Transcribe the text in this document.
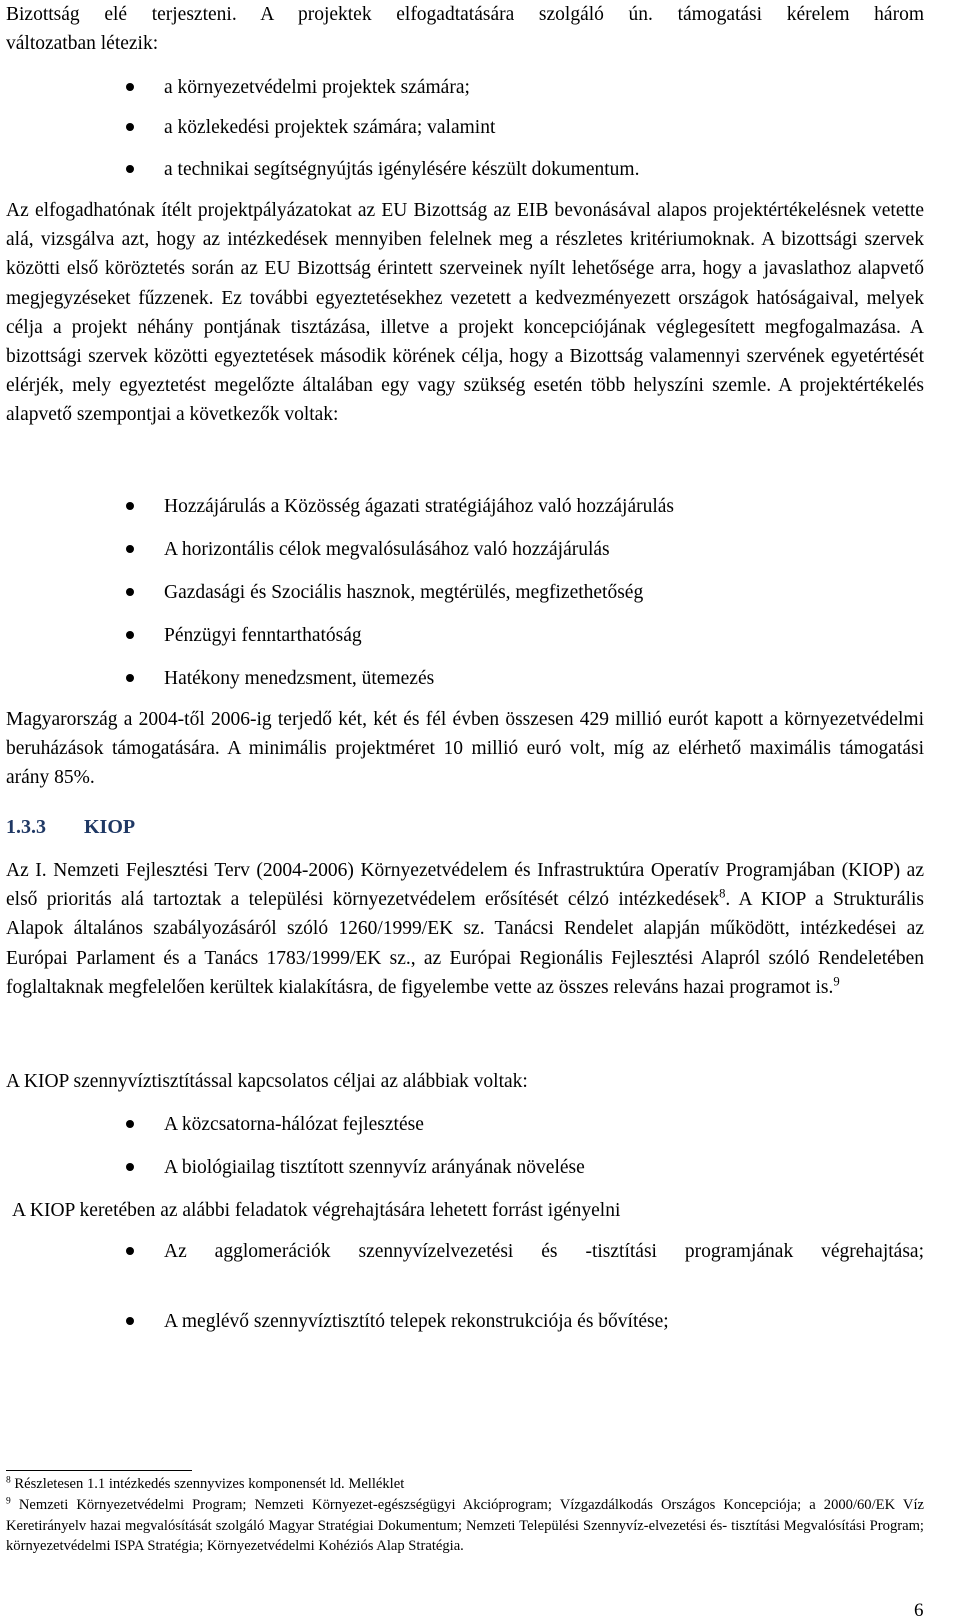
Bizottság elé terjeszteni. A projektek elfogadtatására szolgáló ún. támogatási kérelem három

változatban létezik:

a környezetvédelmi projektek számára;

a közlekedési projektek számára; valamint

a technikai segítségnyújtás igénylésére készült dokumentum.

Az elfogadhatónak ítélt projektpályázatokat az EU Bizottság az EIB bevonásával alapos projektértékelésnek vetette alá, vizsgálva azt, hogy az intézkedések mennyiben felelnek meg a részletes kritériumoknak. A bizottsági szervek közötti első köröztetés során az EU Bizottság érintett szerveinek nyílt lehetősége arra, hogy a javaslathoz alapvető megjegyzéseket fűzzenek. Ez további egyeztetésekhez vezetett a kedvezményezett országok hatóságaival, melyek célja a projekt néhány pontjának tisztázása, illetve a projekt koncepciójának véglegesített megfogalmazása. A bizottsági szervek közötti egyeztetések második körének célja, hogy a Bizottság valamennyi szervének egyetértését elérjék, mely egyeztetést megelőzte általában egy vagy szükség esetén több helyszíni szemle. A projektértékelés alapvető szempontjai a következők voltak:

Hozzájárulás a Közösség ágazati stratégiájához való hozzájárulás

A horizontális célok megvalósulásához való hozzájárulás

Gazdasági és Szociális hasznok, megtérülés, megfizethetőség

Pénzügyi fenntarthatóság

Hatékony menedzsment, ütemezés

Magyarország a 2004-től 2006-ig terjedő két, két és fél évben összesen 429 millió eurót kapott a környezetvédelmi beruházások támogatására. A minimális projektméret 10 millió euró volt, míg az elérhető maximális támogatási arány 85%.

1.3.3 KIOP

Az I. Nemzeti Fejlesztési Terv (2004-2006) Környezetvédelem és Infrastruktúra Operatív Programjában (KIOP) az első prioritás alá tartoztak a települési környezetvédelem erősítését célzó intézkedések$^8$. A KIOP a Strukturális Alapok általános szabályozásáról szóló 1260/1999/EK sz. Tanácsi Rendelet alapján működött, intézkedései az Európai Parlament és a Tanács 1783/1999/EK sz., az Európai Regionális Fejlesztési Alapról szóló Rendeletében foglaltaknak megfelelően kerültek kialakításra, de figyelembe vette az összes releváns hazai programot is.$^9$

A KIOP szennyvíztisztítással kapcsolatos céljai az alábbiak voltak:

A közcsatorna-hálózat fejlesztése

A biológiailag tisztított szennyvíz arányának növelése

A KIOP keretében az alábbi feladatok végrehajtására lehetett forrást igényelni

Az agglomerációk szennyvízelvezetési és -tisztítási programjának végrehajtása;

A meglévő szennyvíztisztító telepek rekonstrukciója és bővítése;

$^8$ Részletesen 1.1 intézkedés szennyvizes komponensét ld. Melléklet

$^9$ Nemzeti Környezetvédelmi Program; Nemzeti Környezet-egészségügyi Akcióprogram; Vízgazdálkodás Országos Koncepciója; a 2000/60/EK Víz Keretirányelv hazai megvalósítását szolgáló Magyar Stratégiai Dokumentum; Nemzeti Települési Szennyvíz-elvezetési és- tisztítási Megvalósítási Program; környezetvédelmi ISPA Stratégia; Környezetvédelmi Kohéziós Alap Stratégia.

6
